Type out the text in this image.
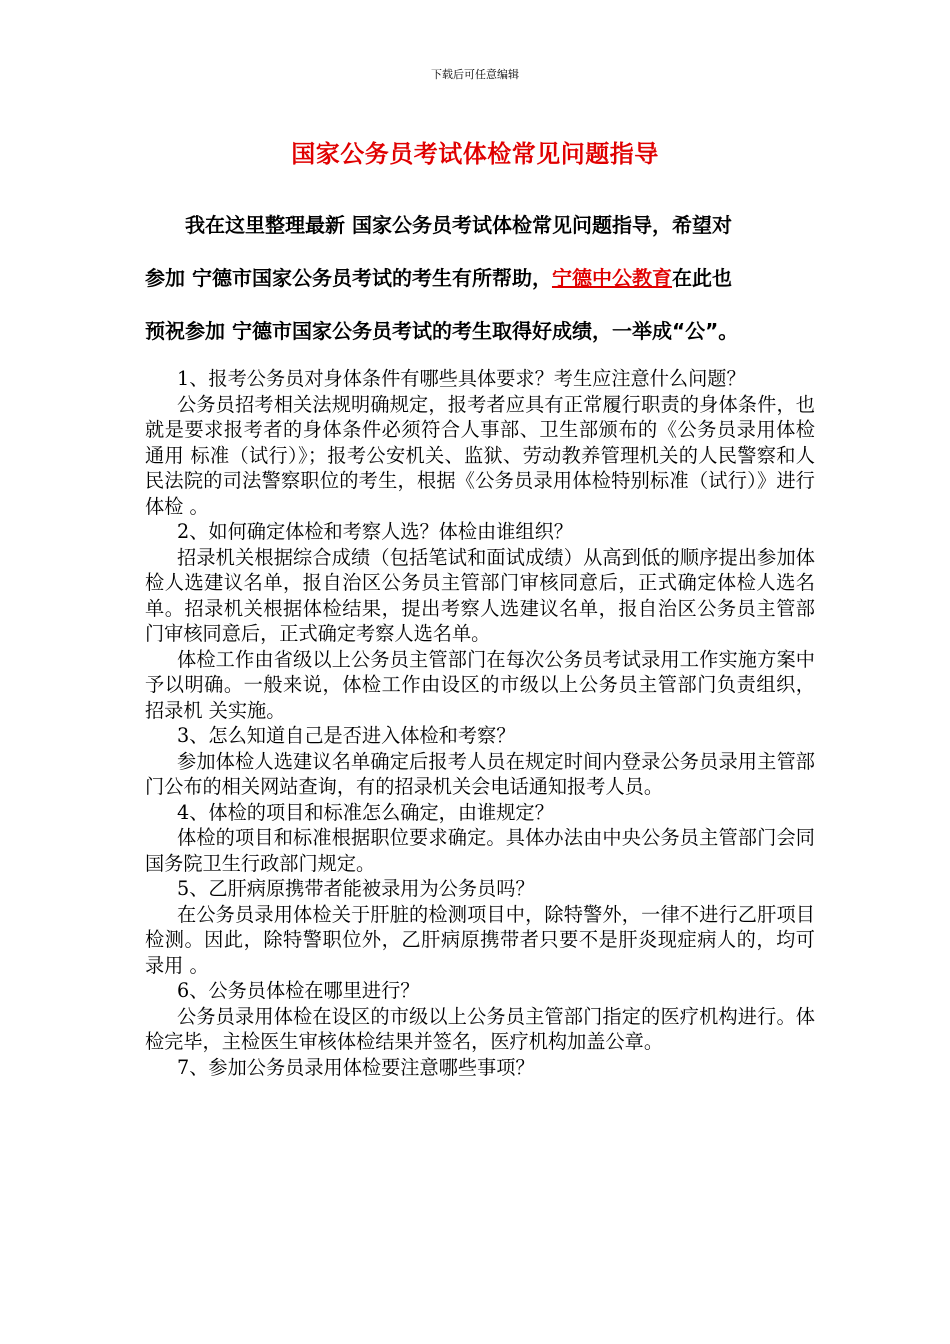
下载后可任意编辑
国家公务员考试体检常见问题指导
我在这里整理最新 国家公务员考试体检常见问题指导，希望对
参加 宁德市国家公务员考试的考生有所帮助，宁德中公教育在此也
预祝参加 宁德市国家公务员考试的考生取得好成绩，一举成“公”。

1、报考公务员对身体条件有哪些具体要求？考生应注意什么问题？

公务员招考相关法规明确规定，报考者应具有正常履行职责的身体条件，也就是要求报考者的身体条件必须符合人事部、卫生部颁布的《公务员录用体检通用 标准（试行）》；报考公安机关、监狱、劳动教养管理机关的人民警察和人民法院的司法警察职位的考生，根据《公务员录用体检特别标准（试行）》进行体检 。

2、如何确定体检和考察人选？体检由谁组织？

招录机关根据综合成绩（包括笔试和面试成绩）从高到低的顺序提出参加体检人选建议名单，报自治区公务员主管部门审核同意后，正式确定体检人选名单。招录机关根据体检结果，提出考察人选建议名单，报自治区公务员主管部门审核同意后，正式确定考察人选名单。

体检工作由省级以上公务员主管部门在每次公务员考试录用工作实施方案中予以明确。一般来说，体检工作由设区的市级以上公务员主管部门负责组织，招录机 关实施。

3、怎么知道自己是否进入体检和考察？

参加体检人选建议名单确定后报考人员在规定时间内登录公务员录用主管部门公布的相关网站查询，有的招录机关会电话通知报考人员。

4、体检的项目和标准怎么确定，由谁规定？

体检的项目和标准根据职位要求确定。具体办法由中央公务员主管部门会同国务院卫生行政部门规定。

5、乙肝病原携带者能被录用为公务员吗？

在公务员录用体检关于肝脏的检测项目中，除特警外，一律不进行乙肝项目检测。因此，除特警职位外，乙肝病原携带者只要不是肝炎现症病人的，均可录用 。

6、公务员体检在哪里进行？

公务员录用体检在设区的市级以上公务员主管部门指定的医疗机构进行。体检完毕，主检医生审核体检结果并签名，医疗机构加盖公章。

7、参加公务员录用体检要注意哪些事项？
